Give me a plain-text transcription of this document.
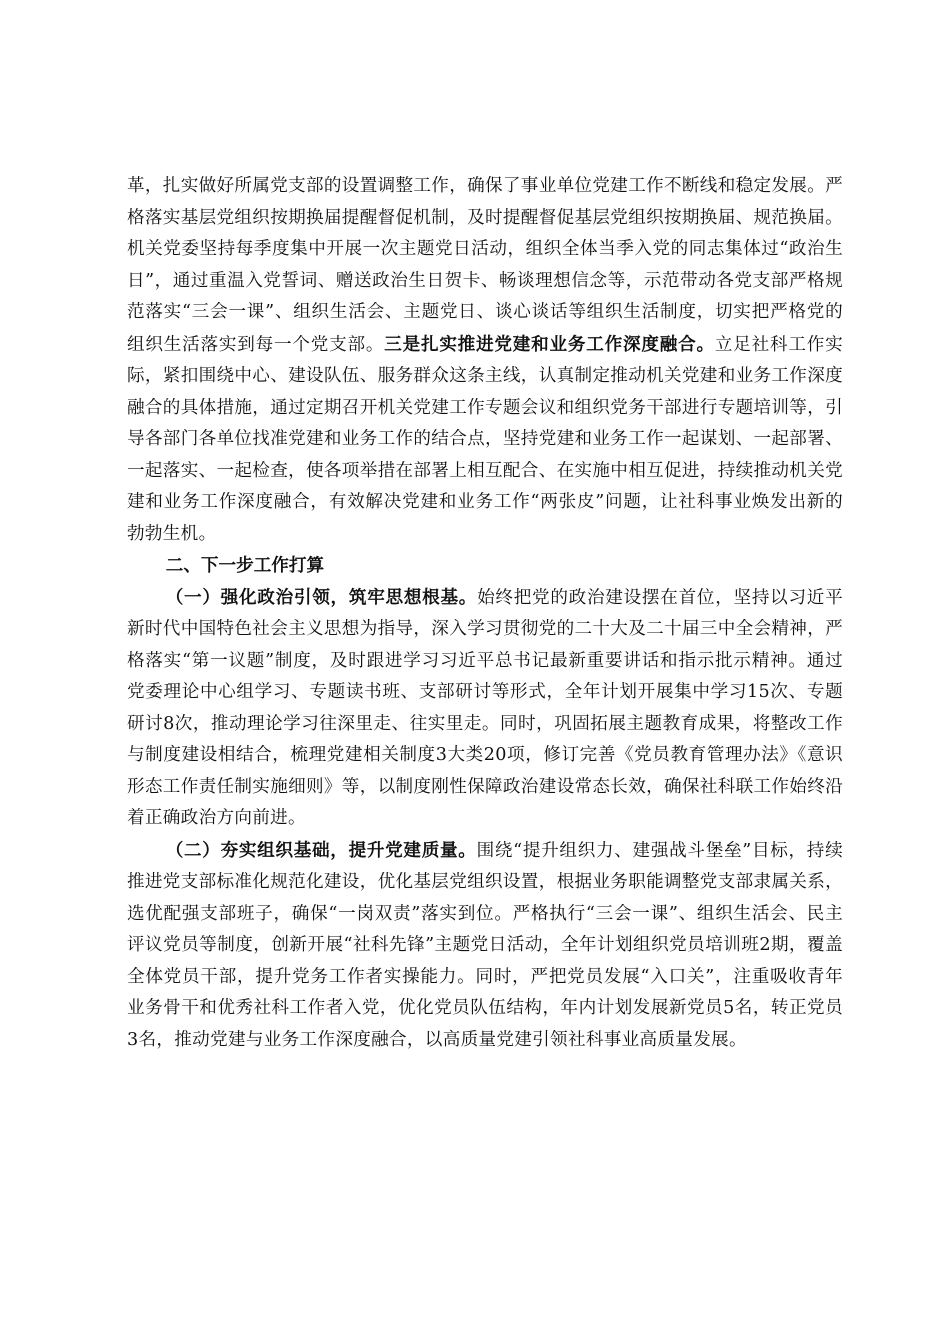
革，扎实做好所属党支部的设置调整工作，确保了事业单位党建工作不断线和稳定发展。严格落实基层党组织按期换届提醒督促机制，及时提醒督促基层党组织按期换届、规范换届。机关党委坚持每季度集中开展一次主题党日活动，组织全体当季入党的同志集体过“政治生日”，通过重温入党誓词、赠送政治生日贺卡、畅谈理想信念等，示范带动各党支部严格规范落实“三会一课”、组织生活会、主题党日、谈心谈话等组织生活制度，切实把严格党的组织生活落实到每一个党支部。三是扎实推进党建和业务工作深度融合。立足社科工作实际，紧扣围绕中心、建设队伍、服务群众这条主线，认真制定推动机关党建和业务工作深度融合的具体措施，通过定期召开机关党建工作专题会议和组织党务干部进行专题培训等，引导各部门各单位找准党建和业务工作的结合点，坚持党建和业务工作一起谋划、一起部署、一起落实、一起检查，使各项举措在部署上相互配合、在实施中相互促进，持续推动机关党建和业务工作深度融合，有效解决党建和业务工作“两张皮”问题，让社科事业焕发出新的勃勃生机。

二、下一步工作打算

（一）强化政治引领，筑牢思想根基。始终把党的政治建设摆在首位，坚持以习近平新时代中国特色社会主义思想为指导，深入学习贯彻党的二十大及二十届三中全会精神，严格落实“第一议题”制度，及时跟进学习习近平总书记最新重要讲话和指示批示精神。通过党委理论中心组学习、专题读书班、支部研讨等形式，全年计划开展集中学习15次、专题研讨8次，推动理论学习往深里走、往实里走。同时，巩固拓展主题教育成果，将整改工作与制度建设相结合，梳理党建相关制度3大类20项，修订完善《党员教育管理办法》《意识形态工作责任制实施细则》等，以制度刚性保障政治建设常态长效，确保社科联工作始终沿着正确政治方向前进。

（二）夯实组织基础，提升党建质量。围绕“提升组织力、建强战斗堡垒”目标，持续推进党支部标准化规范化建设，优化基层党组织设置，根据业务职能调整党支部隶属关系，选优配强支部班子，确保“一岗双责”落实到位。严格执行“三会一课”、组织生活会、民主评议党员等制度，创新开展“社科先锋”主题党日活动，全年计划组织党员培训班2期，覆盖全体党员干部，提升党务工作者实操能力。同时，严把党员发展“入口关”，注重吸收青年业务骨干和优秀社科工作者入党，优化党员队伍结构，年内计划发展新党员5名，转正党员3名，推动党建与业务工作深度融合，以高质量党建引领社科事业高质量发展。
